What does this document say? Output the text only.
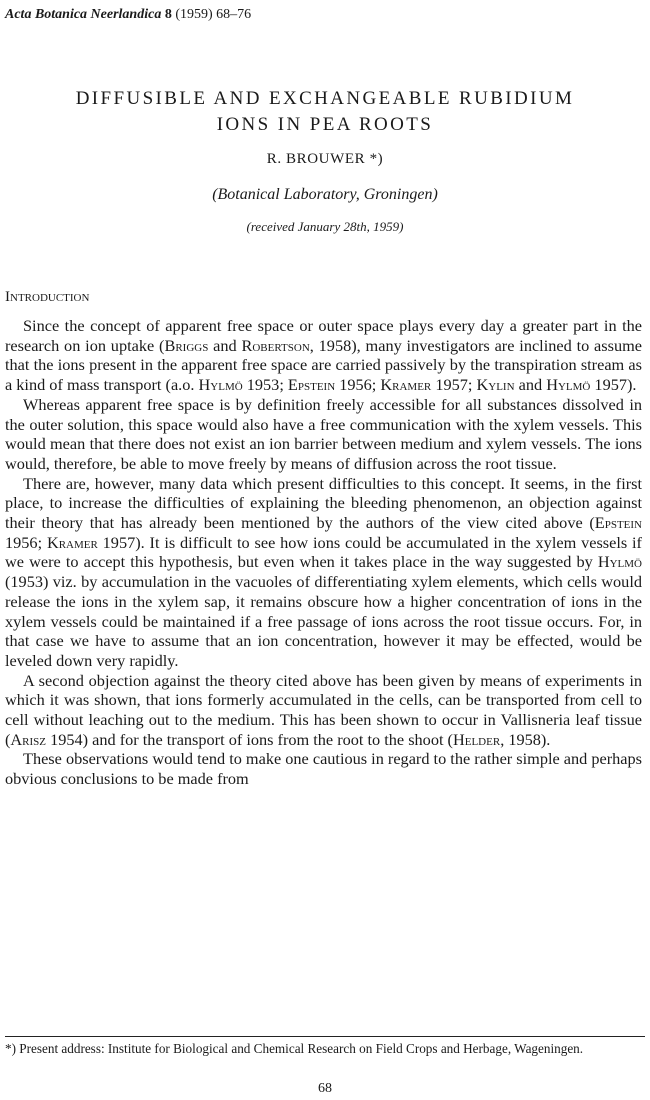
Acta Botanica Neerlandica 8 (1959) 68–76
DIFFUSIBLE AND EXCHANGEABLE RUBIDIUM
IONS IN PEA ROOTS
R. BROUWER *)
(Botanical Laboratory, Groningen)
(received January 28th, 1959)
Introduction

Since the concept of apparent free space or outer space plays every day a greater part in the research on ion uptake (Briggs and Robertson, 1958), many investigators are inclined to assume that the ions present in the apparent free space are carried passively by the transpiration stream as a kind of mass transport (a.o. Hylmö 1953; Epstein 1956; Kramer 1957; Kylin and Hylmö 1957).

Whereas apparent free space is by definition freely accessible for all substances dissolved in the outer solution, this space would also have a free communication with the xylem vessels. This would mean that there does not exist an ion barrier between medium and xylem vessels. The ions would, therefore, be able to move freely by means of diffusion across the root tissue.

There are, however, many data which present difficulties to this concept. It seems, in the first place, to increase the difficulties of explaining the bleeding phenomenon, an objection against their theory that has already been mentioned by the authors of the view cited above (Epstein 1956; Kramer 1957). It is difficult to see how ions could be accumulated in the xylem vessels if we were to accept this hypothesis, but even when it takes place in the way suggested by Hylmö (1953) viz. by accumulation in the vacuoles of differentiating xylem elements, which cells would release the ions in the xylem sap, it remains obscure how a higher concentration of ions in the xylem vessels could be maintained if a free passage of ions across the root tissue occurs. For, in that case we have to assume that an ion concentration, however it may be effected, would be leveled down very rapidly.

A second objection against the theory cited above has been given by means of experiments in which it was shown, that ions formerly accumulated in the cells, can be transported from cell to cell without leaching out to the medium. This has been shown to occur in Vallisneria leaf tissue (Arisz 1954) and for the transport of ions from the root to the shoot (Helder, 1958).

These observations would tend to make one cautious in regard to the rather simple and perhaps obvious conclusions to be made from

*) Present address: Institute for Biological and Chemical Research on Field Crops and Herbage, Wageningen.
68
